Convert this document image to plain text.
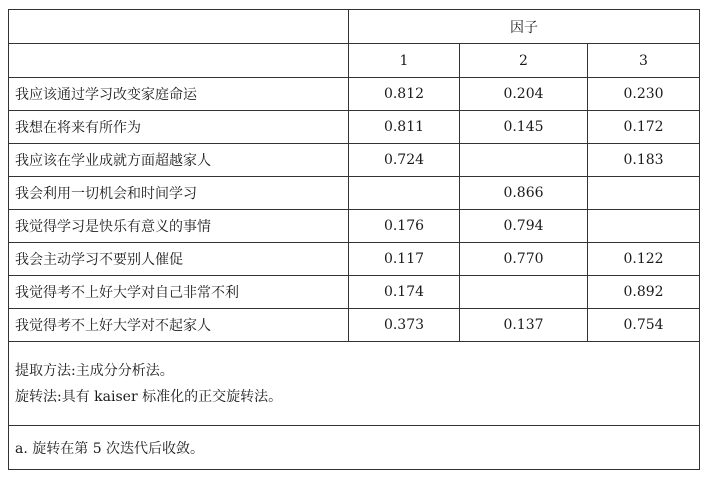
	因子		
	1	2	3
我应该通过学习改变家庭命运	0.812	0.204	0.230
我想在将来有所作为	0.811	0.145	0.172
我应该在学业成就方面超越家人	0.724		0.183
我会利用一切机会和时间学习		0.866	
我觉得学习是快乐有意义的事情	0.176	0.794	
我会主动学习不要别人催促	0.117	0.770	0.122
我觉得考不上好大学对自己非常不利	0.174		0.892
我觉得考不上好大学对不起家人	0.373	0.137	0.754

提取方法:主成分分析法。
旋转法:具有 kaiser 标准化的正交旋转法。			

a. 旋转在第 5 次迭代后收敛。			
